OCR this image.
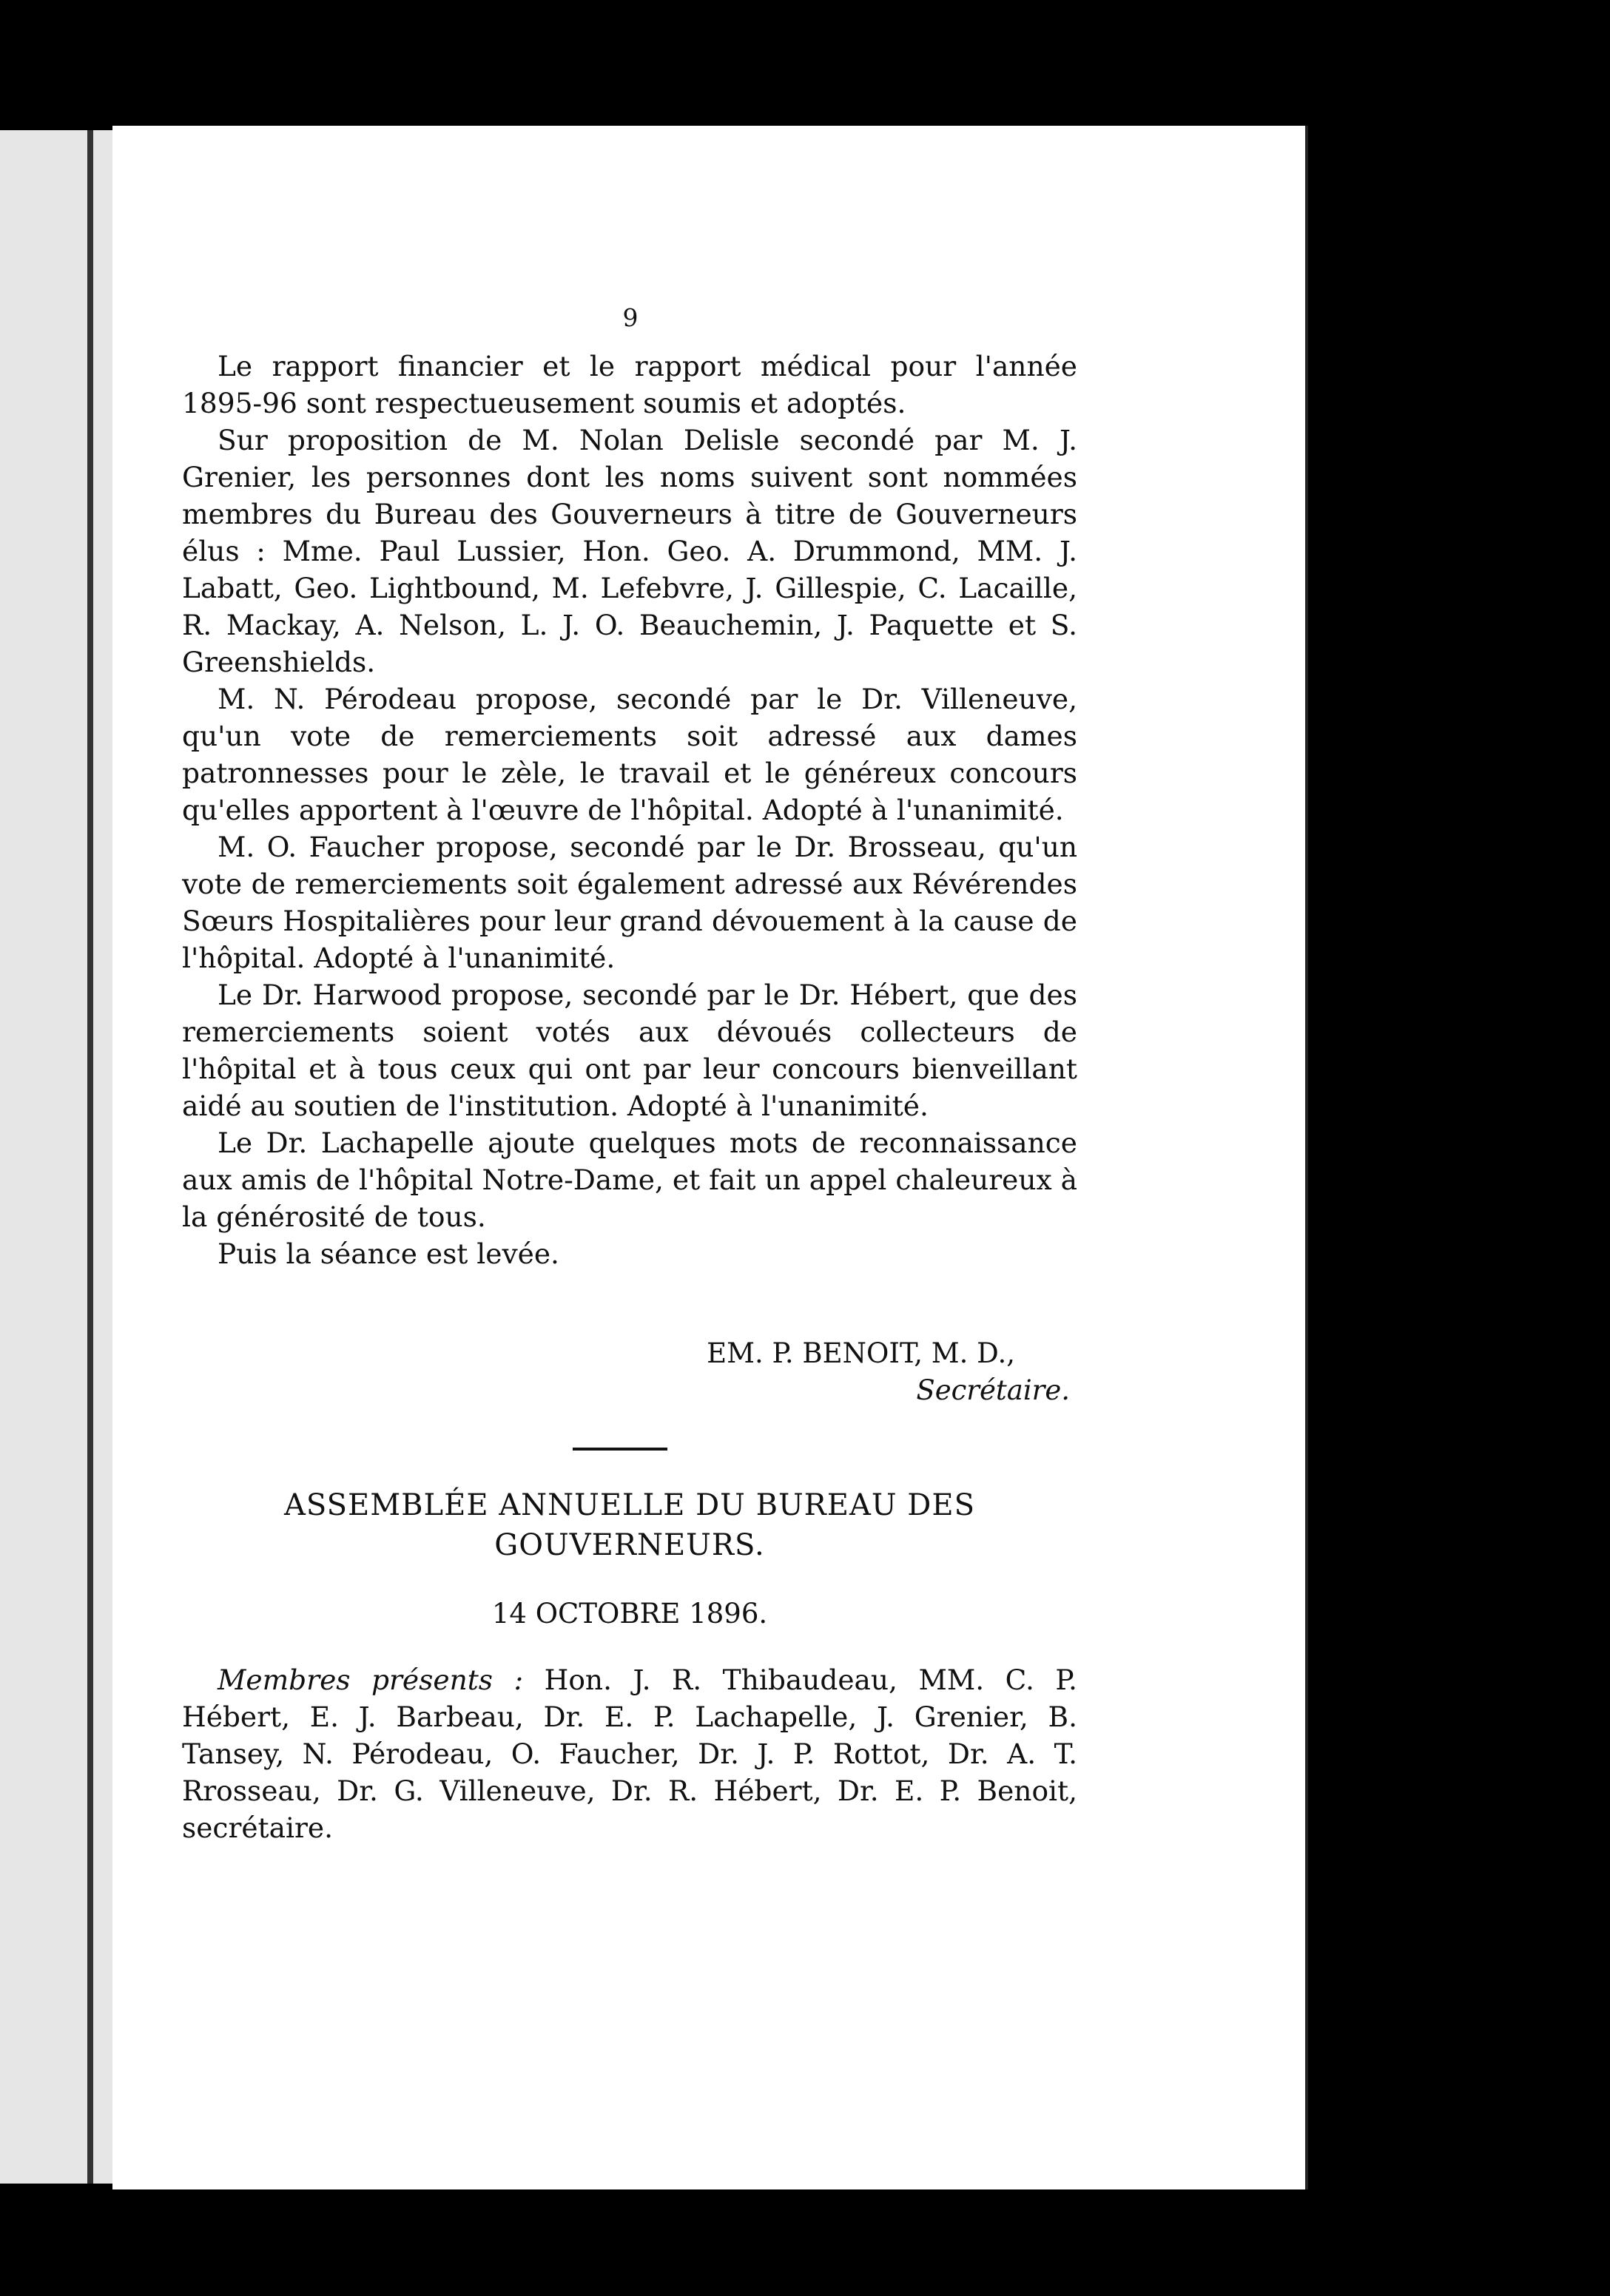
9

Le rapport financier et le rapport médical pour l'année 1895-96 sont respectueusement soumis et adoptés.

Sur proposition de M. Nolan Delisle secondé par M. J. Grenier, les personnes dont les noms suivent sont nommées membres du Bureau des Gouverneurs à titre de Gouverneurs élus : Mme. Paul Lussier, Hon. Geo. A. Drummond, MM. J. Labatt, Geo. Lightbound, M. Lefebvre, J. Gillespie, C. Lacaille, R. Mackay, A. Nelson, L. J. O. Beauchemin, J. Paquette et S. Greenshields.

M. N. Pérodeau propose, secondé par le Dr. Villeneuve, qu'un vote de remerciements soit adressé aux dames patronnesses pour le zèle, le travail et le généreux concours qu'elles apportent à l'œuvre de l'hôpital. Adopté à l'unanimité.

M. O. Faucher propose, secondé par le Dr. Brosseau, qu'un vote de remerciements soit également adressé aux Révérendes Sœurs Hospitalières pour leur grand dévouement à la cause de l'hôpital. Adopté à l'unanimité.

Le Dr. Harwood propose, secondé par le Dr. Hébert, que des remerciements soient votés aux dévoués collecteurs de l'hôpital et à tous ceux qui ont par leur concours bienveillant aidé au soutien de l'institution. Adopté à l'unanimité.

Le Dr. Lachapelle ajoute quelques mots de reconnaissance aux amis de l'hôpital Notre-Dame, et fait un appel chaleureux à la générosité de tous.

Puis la séance est levée.

EM. P. BENOIT, M. D.,
Secrétaire.
ASSEMBLÉE ANNUELLE DU BUREAU DES
GOUVERNEURS.
14 OCTOBRE 1896.

Membres présents : Hon. J. R. Thibaudeau, MM. C. P. Hébert, E. J. Barbeau, Dr. E. P. Lachapelle, J. Grenier, B. Tansey, N. Pérodeau, O. Faucher, Dr. J. P. Rottot, Dr. A. T. Rrosseau, Dr. G. Villeneuve, Dr. R. Hébert, Dr. E. P. Benoit, secrétaire.
